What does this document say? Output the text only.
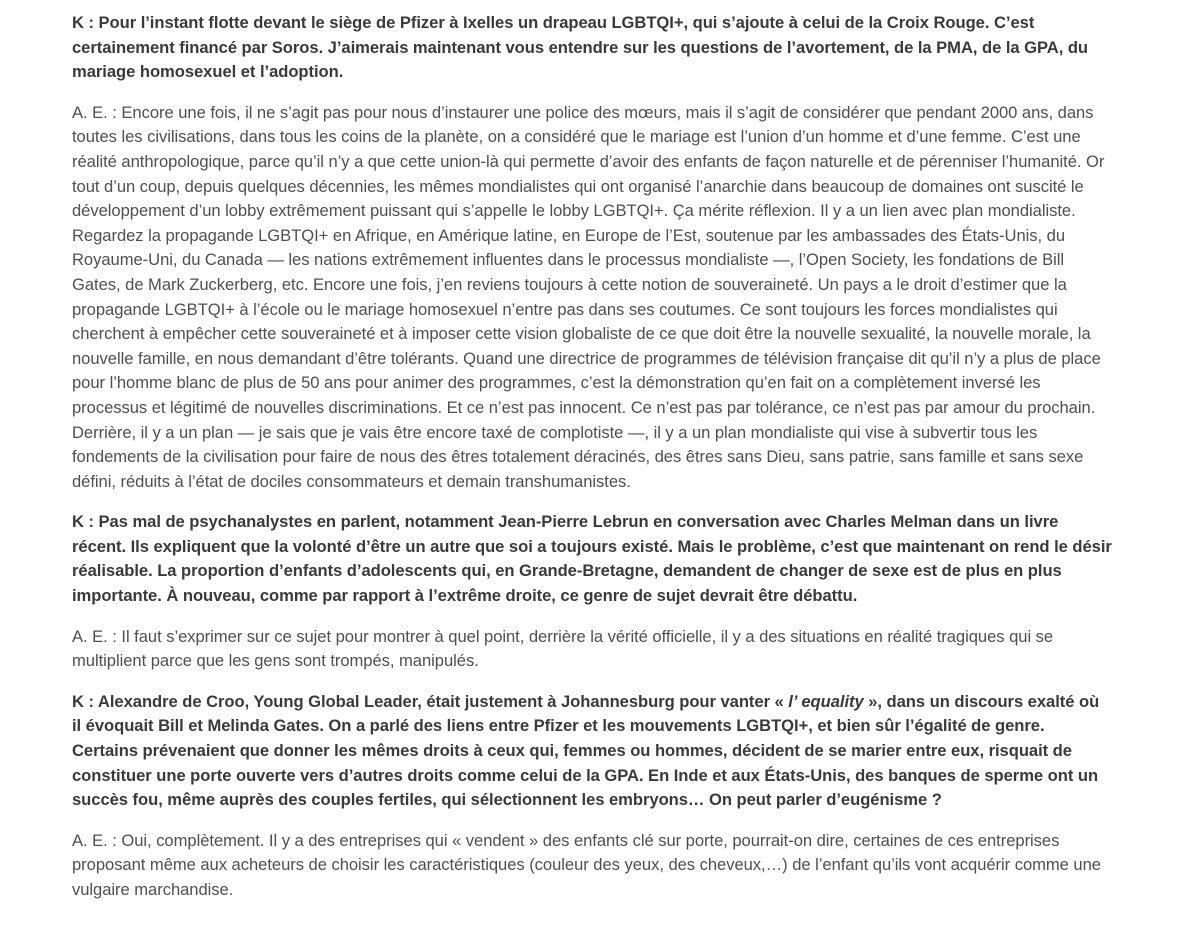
K : Pour l’instant flotte devant le siège de Pfizer à Ixelles un drapeau LGBTQI+, qui s’ajoute à celui de la Croix Rouge. C’est certainement financé par Soros. J’aimerais maintenant vous entendre sur les questions de l’avortement, de la PMA, de la GPA, du mariage homosexuel et l’adoption.

A. E. : Encore une fois, il ne s’agit pas pour nous d’instaurer une police des mœurs, mais il s’agit de considérer que pendant 2000 ans, dans toutes les civilisations, dans tous les coins de la planète, on a considéré que le mariage est l’union d’un homme et d’une femme. C’est une réalité anthropologique, parce qu’il n’y a que cette union-là qui permette d’avoir des enfants de façon naturelle et de pérenniser l’humanité. Or tout d’un coup, depuis quelques décennies, les mêmes mondialistes qui ont organisé l’anarchie dans beaucoup de domaines ont suscité le développement d’un lobby extrêmement puissant qui s’appelle le lobby LGBTQI+. Ça mérite réflexion. Il y a un lien avec plan mondialiste. Regardez la propagande LGBTQI+ en Afrique, en Amérique latine, en Europe de l’Est, soutenue par les ambassades des États-Unis, du Royaume-Uni, du Canada — les nations extrêmement influentes dans le processus mondialiste —, l’Open Society, les fondations de Bill Gates, de Mark Zuckerberg, etc. Encore une fois, j’en reviens toujours à cette notion de souveraineté. Un pays a le droit d’estimer que la propagande LGBTQI+ à l’école ou le mariage homosexuel n’entre pas dans ses coutumes. Ce sont toujours les forces mondialistes qui cherchent à empêcher cette souveraineté et à imposer cette vision globaliste de ce que doit être la nouvelle sexualité, la nouvelle morale, la nouvelle famille, en nous demandant d’être tolérants. Quand une directrice de programmes de télévision française dit qu’il n’y a plus de place pour l’homme blanc de plus de 50 ans pour animer des programmes, c’est la démonstration qu’en fait on a complètement inversé les processus et légitimé de nouvelles discriminations. Et ce n’est pas innocent. Ce n’est pas par tolérance, ce n’est pas par amour du prochain. Derrière, il y a un plan — je sais que je vais être encore taxé de complotiste —, il y a un plan mondialiste qui vise à subvertir tous les fondements de la civilisation pour faire de nous des êtres totalement déracinés, des êtres sans Dieu, sans patrie, sans famille et sans sexe défini, réduits à l’état de dociles consommateurs et demain transhumanistes.

K : Pas mal de psychanalystes en parlent, notamment Jean-Pierre Lebrun en conversation avec Charles Melman dans un livre récent. Ils expliquent que la volonté d’être un autre que soi a toujours existé. Mais le problème, c’est que maintenant on rend le désir réalisable. La proportion d’enfants d’adolescents qui, en Grande-Bretagne, demandent de changer de sexe est de plus en plus importante. À nouveau, comme par rapport à l’extrême droite, ce genre de sujet devrait être débattu.

A. E. : Il faut s’exprimer sur ce sujet pour montrer à quel point, derrière la vérité officielle, il y a des situations en réalité tragiques qui se multiplient parce que les gens sont trompés, manipulés.

K : Alexandre de Croo, Young Global Leader, était justement à Johannesburg pour vanter « l’ equality », dans un discours exalté où il évoquait Bill et Melinda Gates. On a parlé des liens entre Pfizer et les mouvements LGBTQI+, et bien sûr l’égalité de genre. Certains prévenaient que donner les mêmes droits à ceux qui, femmes ou hommes, décident de se marier entre eux, risquait de constituer une porte ouverte vers d’autres droits comme celui de la GPA. En Inde et aux États-Unis, des banques de sperme ont un succès fou, même auprès des couples fertiles, qui sélectionnent les embryons… On peut parler d’eugénisme ?

A. E. : Oui, complètement. Il y a des entreprises qui « vendent » des enfants clé sur porte, pourrait-on dire, certaines de ces entreprises proposant même aux acheteurs de choisir les caractéristiques (couleur des yeux, des cheveux,…) de l’enfant qu’ils vont acquérir comme une vulgaire marchandise.
